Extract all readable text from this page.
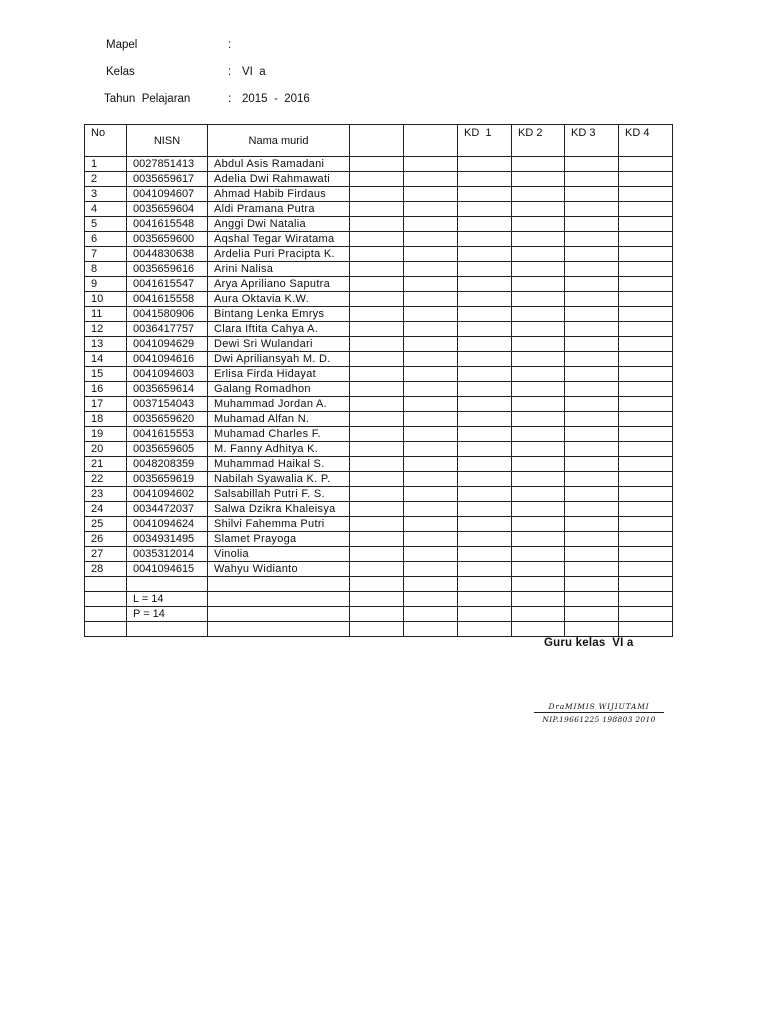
Mapel	:
Kelas	: VI  a
Tahun  Pelajaran	: 2015  -  2016
No	NISN	Nama murid			KD  1	KD 2	KD 3	KD 4
1	0027851413	Abdul Asis Ramadani						
2	0035659617	Adelia Dwi Rahmawati						
3	0041094607	Ahmad Habib Firdaus						
4	0035659604	Aldi Pramana Putra						
5	0041615548	Anggi Dwi Natalia						
6	0035659600	Aqshal Tegar Wiratama						
7	0044830638	Ardelia Puri Pracipta K.						
8	0035659616	Arini Nalisa						
9	0041615547	Arya Apriliano Saputra						
10	0041615558	Aura Oktavia K.W.						
11	0041580906	Bintang Lenka Emrys						
12	0036417757	Clara Iftita Cahya A.						
13	0041094629	Dewi Sri Wulandari						
14	0041094616	Dwi Apriliansyah M. D.						
15	0041094603	Erlisa Firda Hidayat						
16	0035659614	Galang Romadhon						
17	0037154043	Muhammad Jordan A.						
18	0035659620	Muhamad Alfan N.						
19	0041615553	Muhamad Charles F.						
20	0035659605	M. Fanny Adhitya K.						
21	0048208359	Muhammad Haikal S.						
22	0035659619	Nabilah Syawalia K. P.						
23	0041094602	Salsabillah Putri F. S.						
24	0034472037	Salwa Dzikra Khaleisya						
25	0041094624	Shilvi Fahemma Putri						
26	0034931495	Slamet Prayoga						
27	0035312014	Vinolia						
28	0041094615	Wahyu Widianto						

	L = 14							
	P = 14							

Guru kelas  VI a
DraMIMIS WIJIUTAMI
NIP.19661225 198803 2010
